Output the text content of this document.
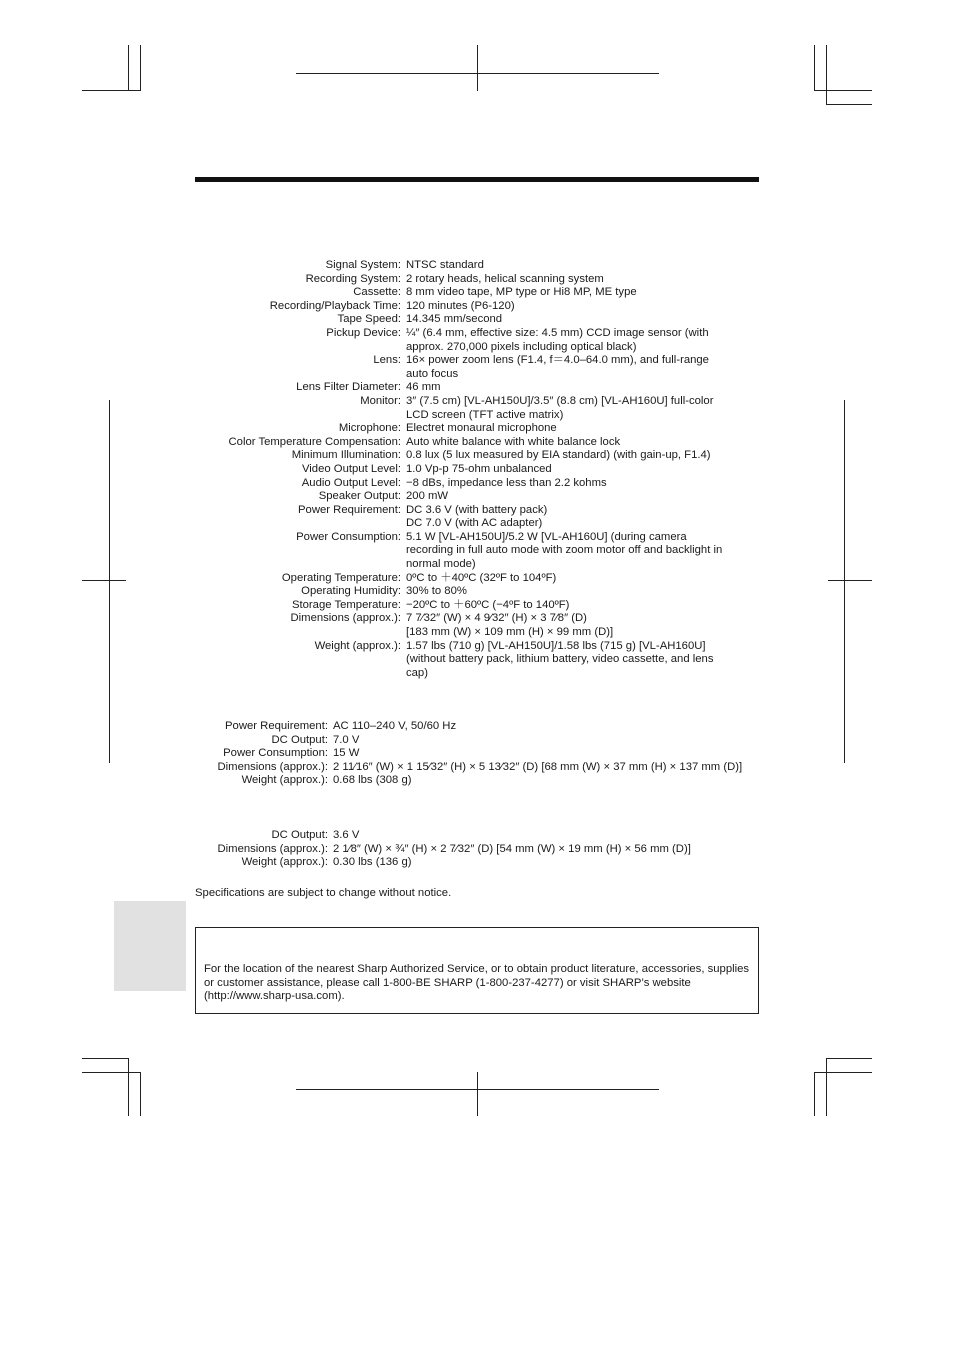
Signal System: NTSC standard
Recording System: 2 rotary heads, helical scanning system
Cassette: 8 mm video tape, MP type or Hi8 MP, ME type
Recording/Playback Time: 120 minutes (P6-120)
Tape Speed: 14.345 mm/second
Pickup Device: ¼″ (6.4 mm, effective size: 4.5 mm) CCD image sensor (with
approx. 270,000 pixels including optical black)
Lens: 16× power zoom lens (F1.4, f＝4.0–64.0 mm), and full-range
auto focus
Lens Filter Diameter: 46 mm
Monitor: 3″ (7.5 cm) [VL-AH150U]/3.5″ (8.8 cm) [VL-AH160U] full-color
LCD screen (TFT active matrix)
Microphone: Electret monaural microphone
Color Temperature Compensation: Auto white balance with white balance lock
Minimum Illumination: 0.8 lux (5 lux measured by EIA standard) (with gain-up, F1.4)
Video Output Level: 1.0 Vp-p 75-ohm unbalanced
Audio Output Level: −8 dBs, impedance less than 2.2 kohms
Speaker Output: 200 mW
Power Requirement: DC 3.6 V (with battery pack)
DC 7.0 V (with AC adapter)
Power Consumption: 5.1 W [VL-AH150U]/5.2 W [VL-AH160U] (during camera
recording in full auto mode with zoom motor off and backlight in
normal mode)
Operating Temperature: 0ºC to ＋40ºC (32ºF to 104ºF)
Operating Humidity: 30% to 80%
Storage Temperature: −20ºC to ＋60ºC (−4ºF to 140ºF)
Dimensions (approx.): 7 7⁄32″ (W) × 4 9⁄32″ (H) × 3 7⁄8″ (D)
[183 mm (W) × 109 mm (H) × 99 mm (D)]
Weight (approx.): 1.57 lbs (710 g) [VL-AH150U]/1.58 lbs (715 g) [VL-AH160U]
(without battery pack, lithium battery, video cassette, and lens
cap)
Power Requirement: AC 110–240 V, 50/60 Hz
DC Output: 7.0 V
Power Consumption: 15 W
Dimensions (approx.): 2 11⁄16″ (W) × 1 15⁄32″ (H) × 5 13⁄32″ (D) [68 mm (W) × 37 mm (H) × 137 mm (D)]
Weight (approx.): 0.68 lbs (308 g)
DC Output: 3.6 V
Dimensions (approx.): 2 1⁄8″ (W) × ¾″ (H) × 2 7⁄32″ (D) [54 mm (W) × 19 mm (H) × 56 mm (D)]
Weight (approx.): 0.30 lbs (136 g)
Specifications are subject to change without notice.

For the location of the nearest Sharp Authorized Service, or to obtain product literature, accessories, supplies or customer assistance, please call 1-800-BE SHARP (1-800-237-4277) or visit SHARP’s website (http://www.sharp-usa.com).
